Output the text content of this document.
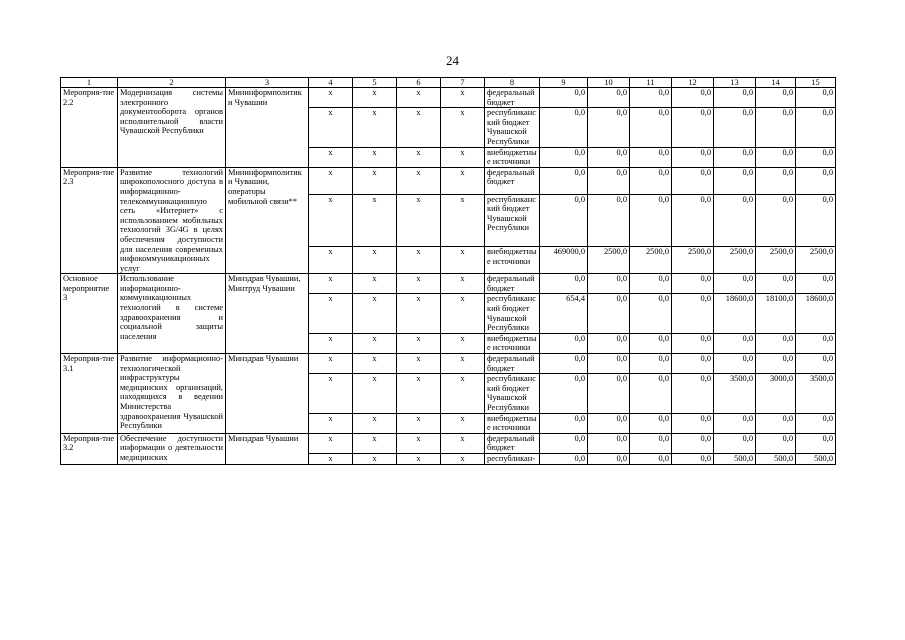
24
1	2	3	4	5	6	7	8	9	10	11	12	13	14	15
Мероприя-тие 2.2	Модернизация системы электронного документооборота органов исполнительной власти Чувашской Республики	Мининформполитики Чувашии	х	х	х	х	федеральный бюджет	0,0	0,0	0,0	0,0	0,0	0,0	0,0
			х	х	х	х	республиканский бюджет Чувашской Республики	0,0	0,0	0,0	0,0	0,0	0,0	0,0
			х	х	х	х	внебюджетные источники	0,0	0,0	0,0	0,0	0,0	0,0	0,0
Мероприя-тие 2.3	Развитие технологий широкополосного доступа в информационно-телекоммуникационную сеть «Интернет» с использованием мобильных технологий 3G/4G в целях обеспечения доступности для населения современных инфокоммуникационных услуг	Мининформполитики Чувашии, операторы мобильной связи**	х	х	х	х	федеральный бюджет	0,0	0,0	0,0	0,0	0,0	0,0	0,0
			х	х	х	х	республиканский бюджет Чувашской Республики	0,0	0,0	0,0	0,0	0,0	0,0	0,0
			х	х	х	х	внебюджетные источники	469000,0	2500,0	2500,0	2500,0	2500,0	2500,0	2500,0
Основное мероприятие 3	Использование информационно-коммуникационных технологий в системе здравоохранения и социальной защиты населения	Минздрав Чувашии, Минтруд Чувашии	х	х	х	х	федеральный бюджет	0,0	0,0	0,0	0,0	0,0	0,0	0,0
			х	х	х	х	республиканский бюджет Чувашской Республики	654,4	0,0	0,0	0,0	18600,0	18100,0	18600,0
			х	х	х	х	внебюджетные источники	0,0	0,0	0,0	0,0	0,0	0,0	0,0
Мероприя-тие 3.1	Развитие информационно-технологической инфраструктуры медицинских организаций, находящихся в ведении Министерства здравоохранения Чувашской Республики	Минздрав Чувашии	х	х	х	х	федеральный бюджет	0,0	0,0	0,0	0,0	0,0	0,0	0,0
			х	х	х	х	республиканский бюджет Чувашской Республики	0,0	0,0	0,0	0,0	3500,0	3000,0	3500,0
			х	х	х	х	внебюджетные источники	0,0	0,0	0,0	0,0	0,0	0,0	0,0
Мероприя-тие 3.2	Обеспечение доступности информации о деятельности медицинских	Минздрав Чувашии	х	х	х	х	федеральный бюджет	0,0	0,0	0,0	0,0	0,0	0,0	0,0
			х	х	х	х	республикан-	0,0	0,0	0,0	0,0	500,0	500,0	500,0
